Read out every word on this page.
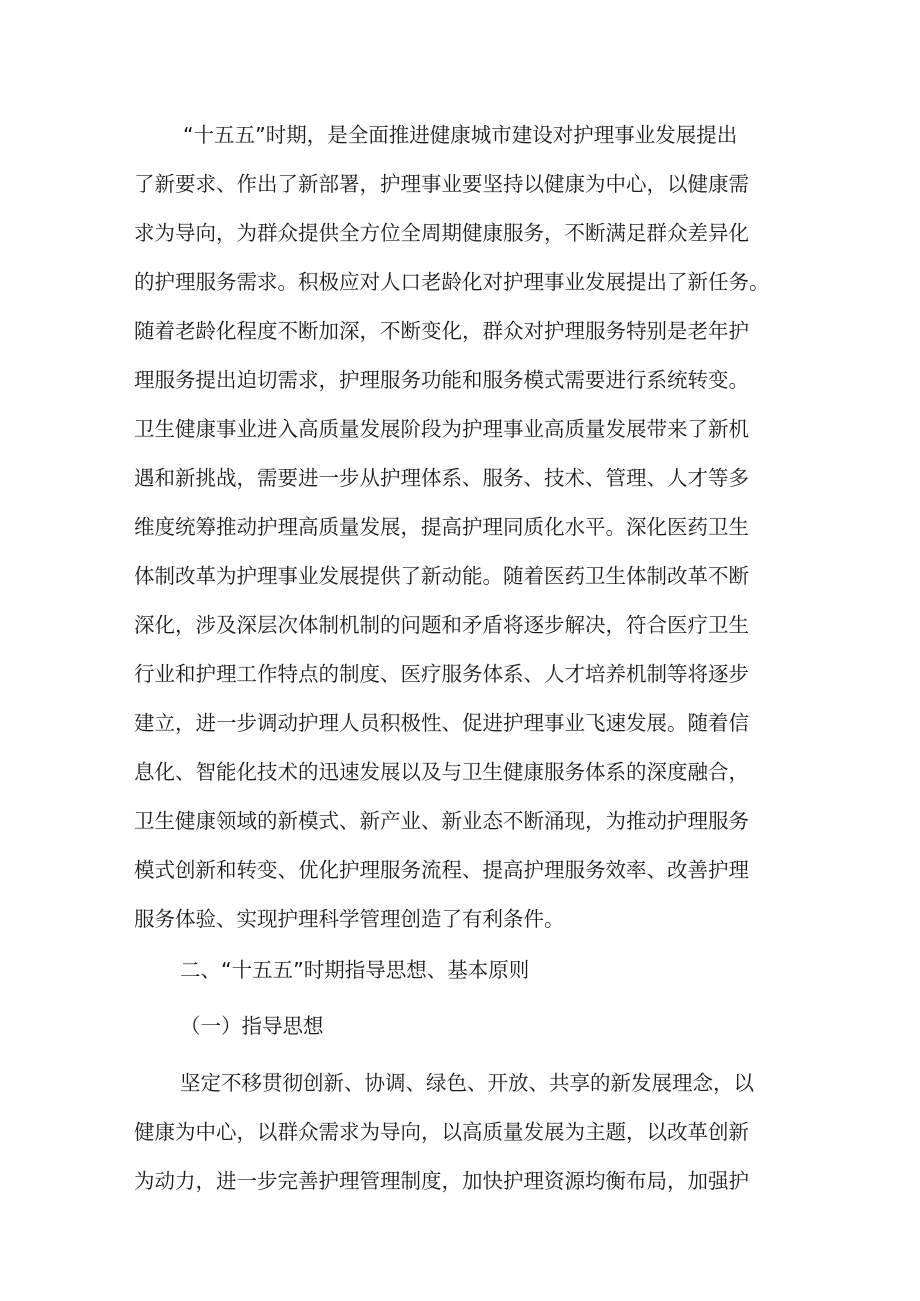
“十五五”时期，是全面推进健康城市建设对护理事业发展提出

了新要求、作出了新部署，护理事业要坚持以健康为中心，以健康需

求为导向，为群众提供全方位全周期健康服务，不断满足群众差异化

的护理服务需求。积极应对人口老龄化对护理事业发展提出了新任务。

随着老龄化程度不断加深，不断变化，群众对护理服务特别是老年护

理服务提出迫切需求，护理服务功能和服务模式需要进行系统转变。

卫生健康事业进入高质量发展阶段为护理事业高质量发展带来了新机

遇和新挑战，需要进一步从护理体系、服务、技术、管理、人才等多

维度统筹推动护理高质量发展，提高护理同质化水平。深化医药卫生

体制改革为护理事业发展提供了新动能。随着医药卫生体制改革不断

深化，涉及深层次体制机制的问题和矛盾将逐步解决，符合医疗卫生

行业和护理工作特点的制度、医疗服务体系、人才培养机制等将逐步

建立，进一步调动护理人员积极性、促进护理事业飞速发展。随着信

息化、智能化技术的迅速发展以及与卫生健康服务体系的深度融合，

卫生健康领域的新模式、新产业、新业态不断涌现，为推动护理服务

模式创新和转变、优化护理服务流程、提高护理服务效率、改善护理

服务体验、实现护理科学管理创造了有利条件。

二、“十五五”时期指导思想、基本原则

（一）指导思想

坚定不移贯彻创新、协调、绿色、开放、共享的新发展理念，以

健康为中心，以群众需求为导向，以高质量发展为主题，以改革创新

为动力，进一步完善护理管理制度，加快护理资源均衡布局，加强护
